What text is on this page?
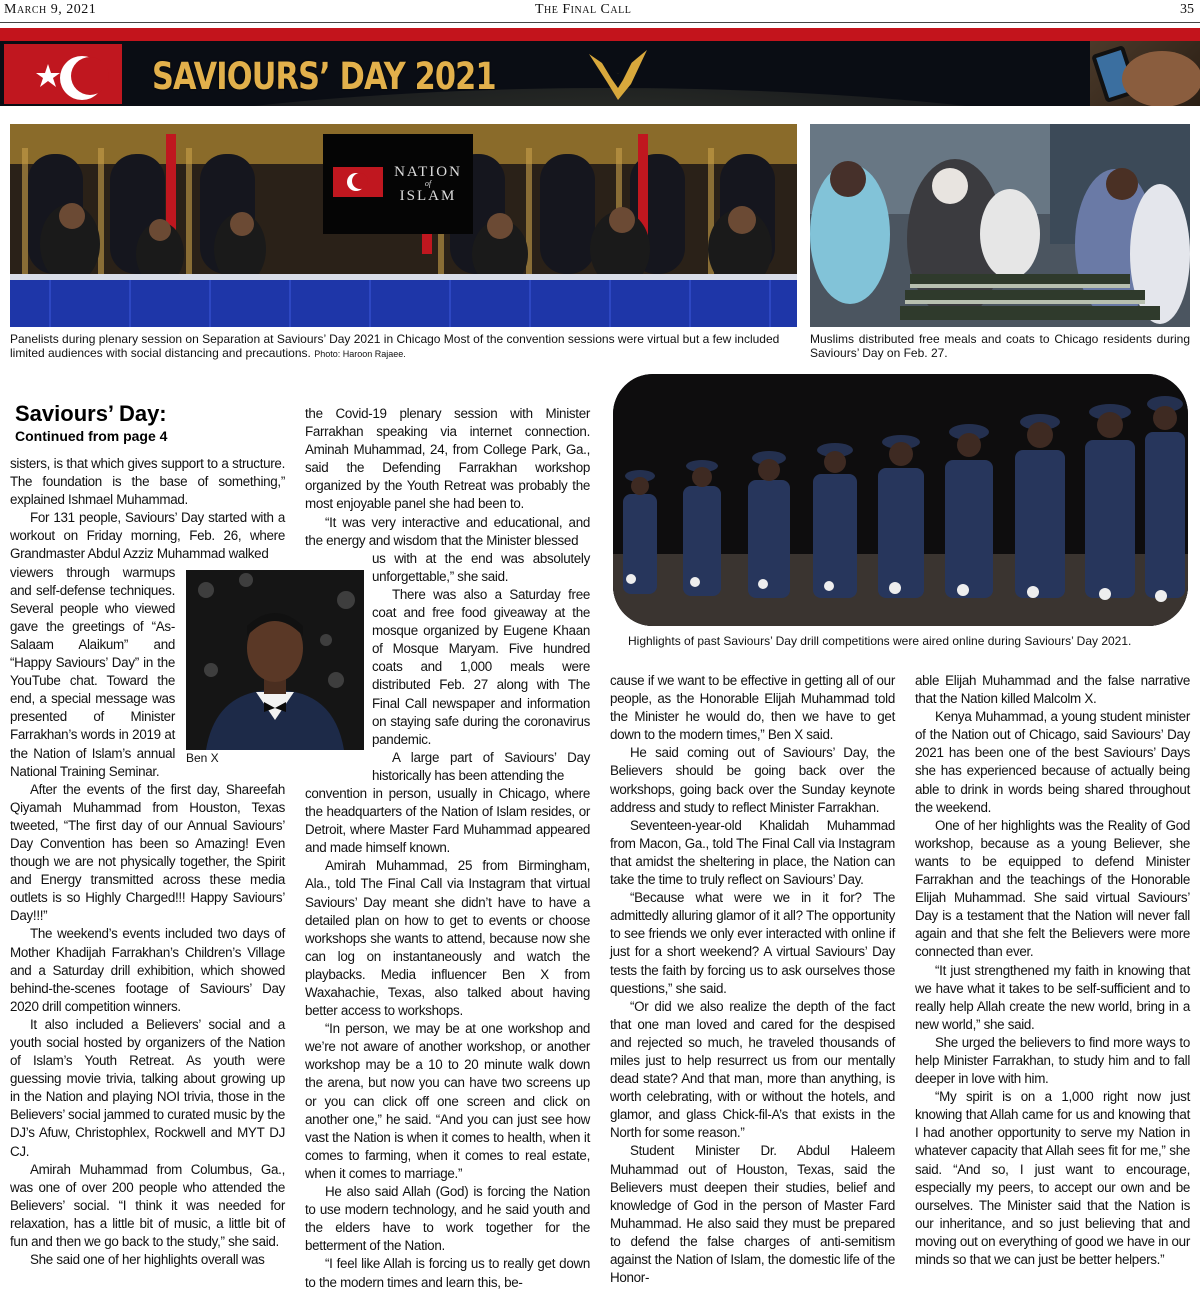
March 9, 2021	The Final Call	35
SAVIOURS’ DAY 2021
NATION
of
ISLAM
Panelists during plenary session on Separation at Saviours’ Day 2021 in Chicago Most of the convention sessions were virtual but a few included limited audiences with social distancing and precautions. Photo: Haroon Rajaee.
Muslims distributed free meals and coats to Chicago residents during Saviours’ Day on Feb. 27.
Highlights of past Saviours’ Day drill competitions were aired online during Saviours’ Day 2021.
Saviours’ Day:
Continued from page 4
Ben X

sisters, is that which gives support to a structure. The foundation is the base of something,” explained Ishmael Muhammad.

For 131 people, Saviours’ Day started with a workout on Friday morning, Feb. 26, where Grandmaster Abdul Azziz Muhammad walked

viewers through warmups and self-defense techniques. Several people who viewed gave the greetings of “As-Salaam Alaikum” and “Happy Saviours’ Day” in the YouTube chat. Toward the end, a special message was presented of Minister Farrakhan’s words in 2019 at the Nation of Islam’s annual National Training Seminar.

After the events of the first day, Shareefah Qiyamah Muhammad from Houston, Texas tweeted, “The first day of our Annual Saviours’ Day Convention has been so Amazing! Even though we are not physically together, the Spirit and Energy transmitted across these media outlets is so Highly Charged!!! Happy Saviours’ Day!!!”

The weekend’s events included two days of Mother Khadijah Farrakhan’s Children’s Village and a Saturday drill exhibition, which showed behind-the-scenes footage of Saviours’ Day 2020 drill competition winners.

It also included a Believers’ social and a youth social hosted by organizers of the Nation of Islam’s Youth Retreat. As youth were guessing movie trivia, talking about growing up in the Nation and playing NOI trivia, those in the Believers’ social jammed to curated music by the DJ’s Afuw, Christophlex, Rockwell and MYT DJ CJ.

Amirah Muhammad from Columbus, Ga., was one of over 200 people who attended the Believers’ social. “I think it was needed for relaxation, has a little bit of music, a little bit of fun and then we go back to the study,” she said.

She said one of her highlights overall was

the Covid-19 plenary session with Minister Farrakhan speaking via internet connection. Aminah Muhammad, 24, from College Park, Ga., said the Defending Farrakhan workshop organized by the Youth Retreat was probably the most enjoyable panel she had been to.

“It was very interactive and educational, and the energy and wisdom that the Minister blessed

us with at the end was absolutely unforgettable,” she said.

There was also a Saturday free coat and free food giveaway at the mosque organized by Eugene Khaan of Mosque Maryam. Five hundred coats and 1,000 meals were distributed Feb. 27 along with The Final Call newspaper and information on staying safe during the coronavirus pandemic.

A large part of Saviours’ Day historically has been attending the

convention in person, usually in Chicago, where the headquarters of the Nation of Islam resides, or Detroit, where Master Fard Muhammad appeared and made himself known.

Amirah Muhammad, 25 from Birmingham, Ala., told The Final Call via Instagram that virtual Saviours’ Day meant she didn’t have to have a detailed plan on how to get to events or choose workshops she wants to attend, because now she can log on instantaneously and watch the playbacks. Media influencer Ben X from Waxahachie, Texas, also talked about having better access to workshops.

“In person, we may be at one workshop and we’re not aware of another workshop, or another workshop may be a 10 to 20 minute walk down the arena, but now you can have two screens up or you can click off one screen and click on another one,” he said. “And you can just see how vast the Nation is when it comes to health, when it comes to farming, when it comes to real estate, when it comes to marriage.”

He also said Allah (God) is forcing the Nation to use modern technology, and he said youth and the elders have to work together for the betterment of the Nation.

“I feel like Allah is forcing us to really get down to the modern times and learn this, be-

cause if we want to be effective in getting all of our people, as the Honorable Elijah Muhammad told the Minister he would do, then we have to get down to the modern times,” Ben X said.

He said coming out of Saviours’ Day, the Believers should be going back over the workshops, going back over the Sunday keynote address and study to reflect Minister Farrakhan.

Seventeen-year-old Khalidah Muhammad from Macon, Ga., told The Final Call via Instagram that amidst the sheltering in place, the Nation can take the time to truly reflect on Saviours’ Day.

“Because what were we in it for? The admittedly alluring glamor of it all? The opportunity to see friends we only ever interacted with online if just for a short weekend? A virtual Saviours’ Day tests the faith by forcing us to ask ourselves those questions,” she said.

“Or did we also realize the depth of the fact that one man loved and cared for the despised and rejected so much, he traveled thousands of miles just to help resurrect us from our mentally dead state? And that man, more than anything, is worth celebrating, with or without the hotels, and glamor, and glass Chick-fil-A’s that exists in the North for some reason.”

Student Minister Dr. Abdul Haleem Muhammad out of Houston, Texas, said the Believers must deepen their studies, belief and knowledge of God in the person of Master Fard Muhammad. He also said they must be prepared to defend the false charges of anti-semitism against the Nation of Islam, the domestic life of the Honor-

able Elijah Muhammad and the false narrative that the Nation killed Malcolm X.

Kenya Muhammad, a young student minister of the Nation out of Chicago, said Saviours’ Day 2021 has been one of the best Saviours’ Days she has experienced because of actually being able to drink in words being shared throughout the weekend.

One of her highlights was the Reality of God workshop, because as a young Believer, she wants to be equipped to defend Minister Farrakhan and the teachings of the Honorable Elijah Muhammad. She said virtual Saviours’ Day is a testament that the Nation will never fall again and that she felt the Believers were more connected than ever.

“It just strengthened my faith in knowing that we have what it takes to be self-sufficient and to really help Allah create the new world, bring in a new world,” she said.

She urged the believers to find more ways to help Minister Farrakhan, to study him and to fall deeper in love with him.

“My spirit is on a 1,000 right now just knowing that Allah came for us and knowing that I had another opportunity to serve my Nation in whatever capacity that Allah sees fit for me,” she said. “And so, I just want to encourage, especially my peers, to accept our own and be ourselves. The Minister said that the Nation is our inheritance, and so just believing that and moving out on everything of good we have in our minds so that we can just be better helpers.”
